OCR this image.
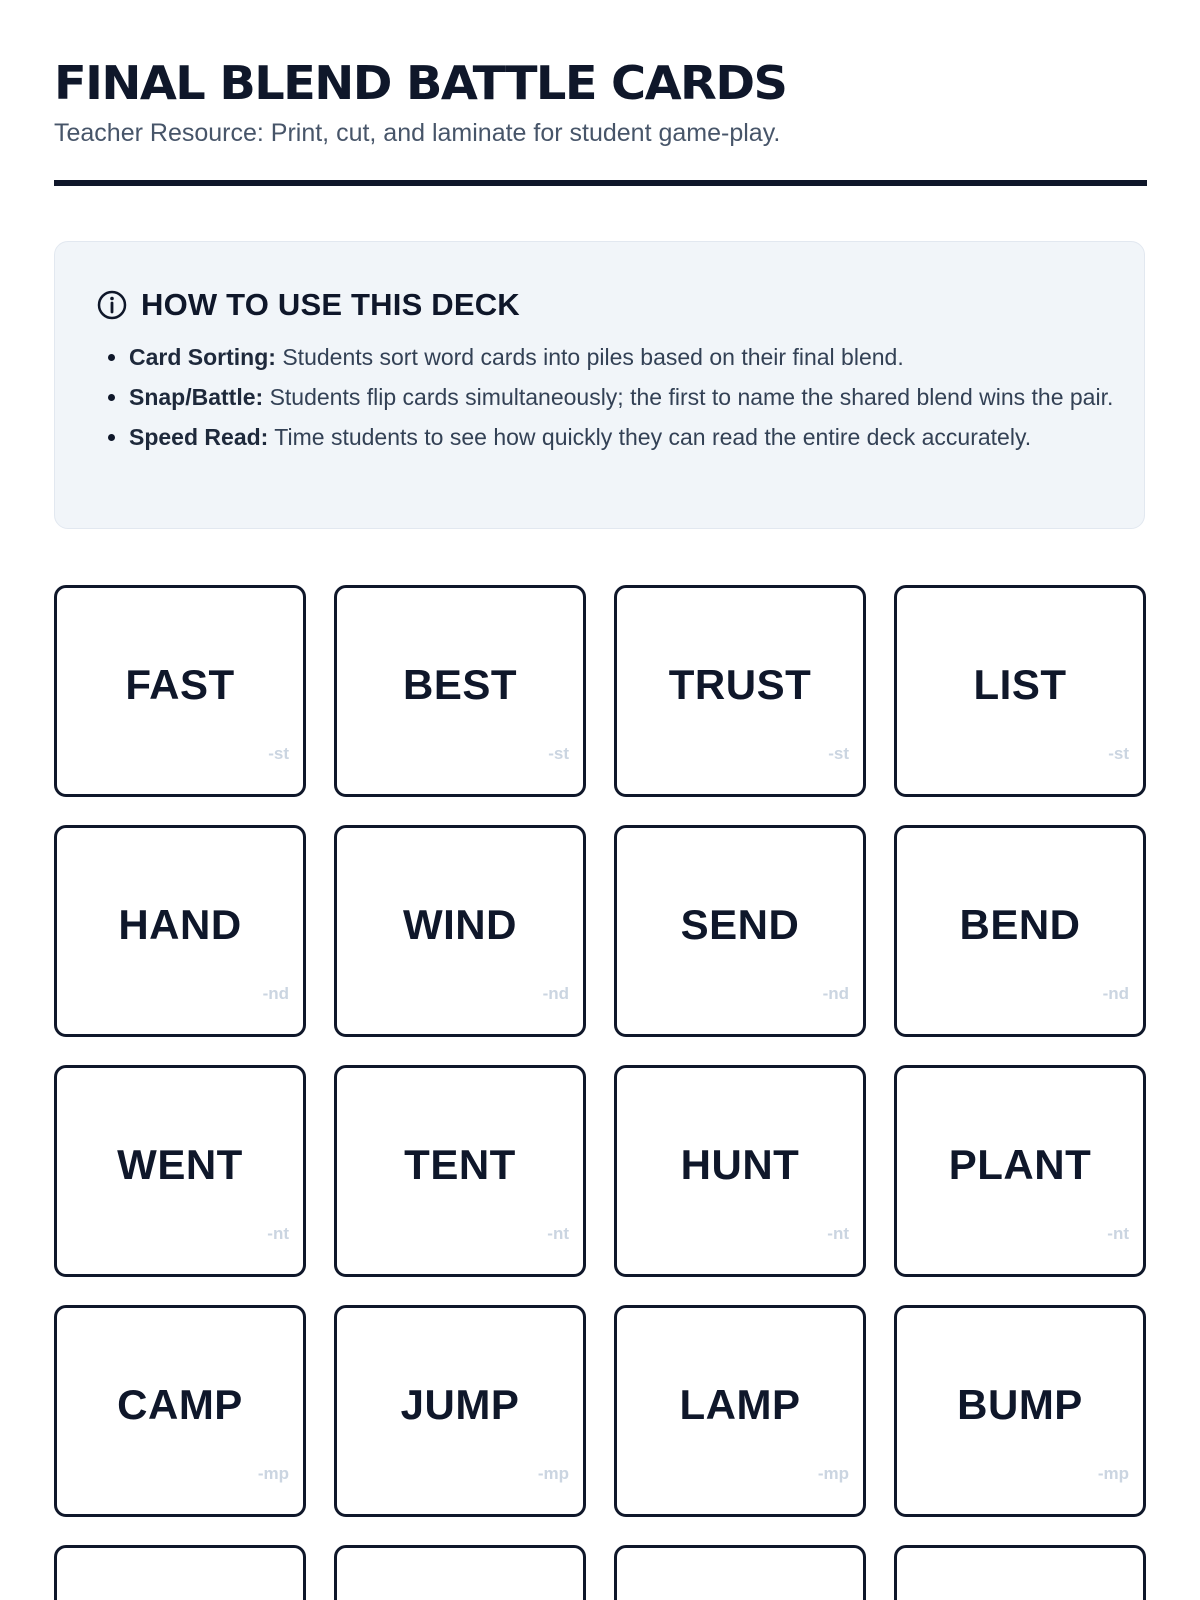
FINAL BLEND BATTLE CARDS
Teacher Resource: Print, cut, and laminate for student game-play.
HOW TO USE THIS DECK
• Card Sorting: Students sort word cards into piles based on their final blend.
• Snap/Battle: Students flip cards simultaneously; the first to name the shared blend wins the pair.
• Speed Read: Time students to see how quickly they can read the entire deck accurately.
FAST
-st
BEST
-st
TRUST
-st
LIST
-st
HAND
-nd
WIND
-nd
SEND
-nd
BEND
-nd
WENT
-nt
TENT
-nt
HUNT
-nt
PLANT
-nt
CAMP
-mp
JUMP
-mp
LAMP
-mp
BUMP
-mp
